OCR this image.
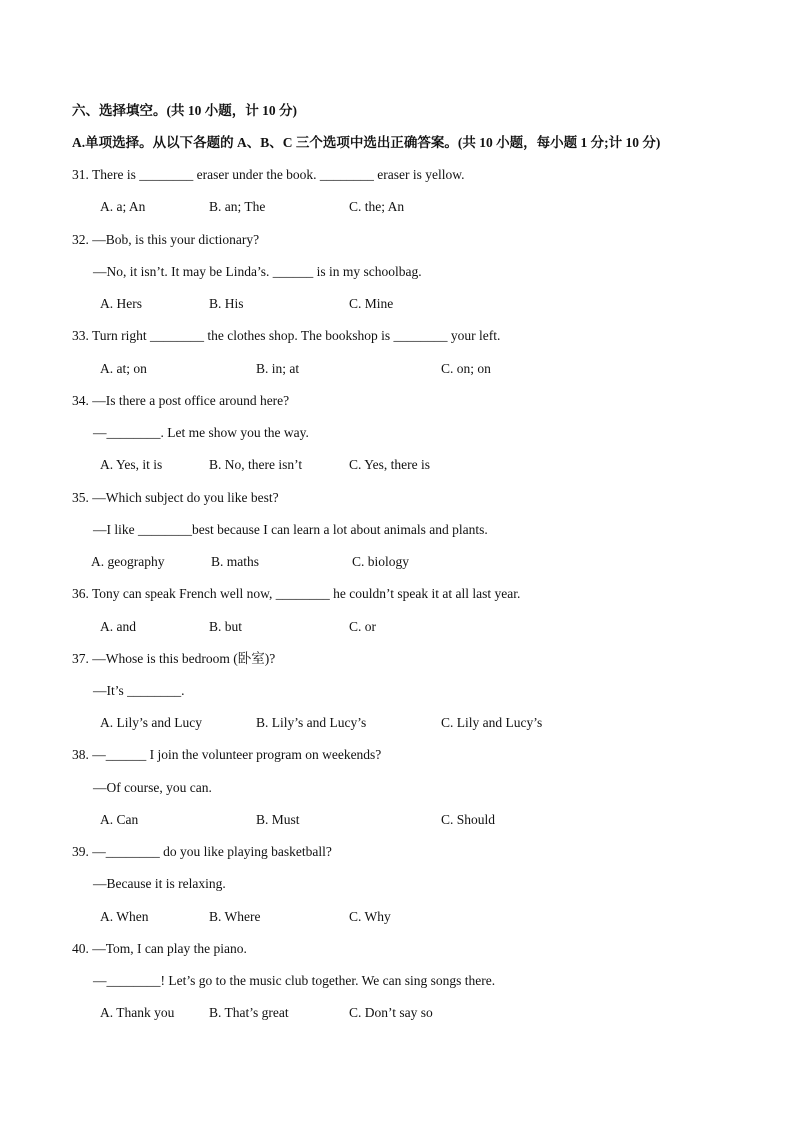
六、选择填空。(共 10 小题，计 10 分)
A.单项选择。从以下各题的 A、B、C 三个选项中选出正确答案。(共 10 小题，每小题 1 分;计 10 分)
31. There is ________ eraser under the book. ________ eraser is yellow.
A. a; An	B. an; The	C. the; An
32. —Bob, is this your dictionary?
—No, it isn’t. It may be Linda’s. ______ is in my schoolbag.
A. Hers	B. His	C. Mine
33. Turn right ________ the clothes shop. The bookshop is ________ your left.
A. at; on	B. in; at	C. on; on
34. —Is there a post office around here?
—________. Let me show you the way.
A. Yes, it is	B. No, there isn’t	C. Yes, there is
35. —Which subject do you like best?
—I like ________best because I can learn a lot about animals and plants.
A. geography	B. maths	C. biology
36. Tony can speak French well now, ________ he couldn’t speak it at all last year.
A. and	B. but	C. or
37. —Whose is this bedroom (卧室)?
—It’s ________.
A. Lily’s and Lucy	B. Lily’s and Lucy’s	C. Lily and Lucy’s
38. —______ I join the volunteer program on weekends?
—Of course, you can.
A. Can	B. Must	C. Should
39. —________ do you like playing basketball?
—Because it is relaxing.
A. When	B. Where	C. Why
40. —Tom, I can play the piano.
—________! Let’s go to the music club together. We can sing songs there.
A. Thank you	B. That’s great	C. Don’t say so
